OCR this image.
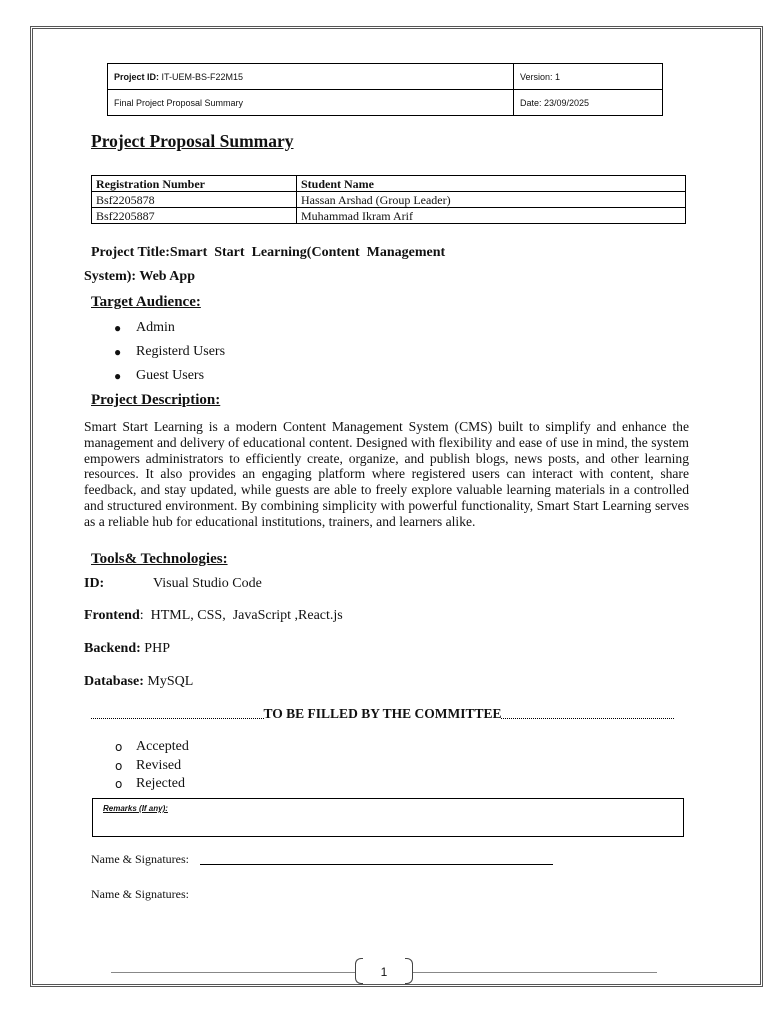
Project ID: IT-UEM-BS-F22M15	Version: 1
Final Project Proposal Summary	Date: 23/09/2025
Project Proposal Summary
Registration Number	Student Name
Bsf2205878	Hassan Arshad (Group Leader)
Bsf2205887	Muhammad Ikram Arif
Project Title:Smart  Start  Learning(Content  Management
System): Web App
Target Audience:
● Admin
● Registerd Users
● Guest Users
Project Description:
Smart Start Learning is a modern Content Management System (CMS) built to simplify and enhance the management and delivery of educational content. Designed with flexibility and ease of use in mind, the system empowers administrators to efficiently create, organize, and publish blogs, news posts, and other learning resources. It also provides an engaging platform where registered users can interact with content, share feedback, and stay updated, while guests are able to freely explore valuable learning materials in a controlled and structured environment. By combining simplicity with powerful functionality, Smart Start Learning serves as a reliable hub for educational institutions, trainers, and learners alike.
Tools& Technologies:
ID:	Visual Studio Code
Frontend:  HTML, CSS,  JavaScript ,React.js
Backend: PHP
Database: MySQL
TO BE FILLED BY THE COMMITTEE
o Accepted
o Revised
o Rejected
Remarks (If any):
Name & Signatures:
Name & Signatures:
1
